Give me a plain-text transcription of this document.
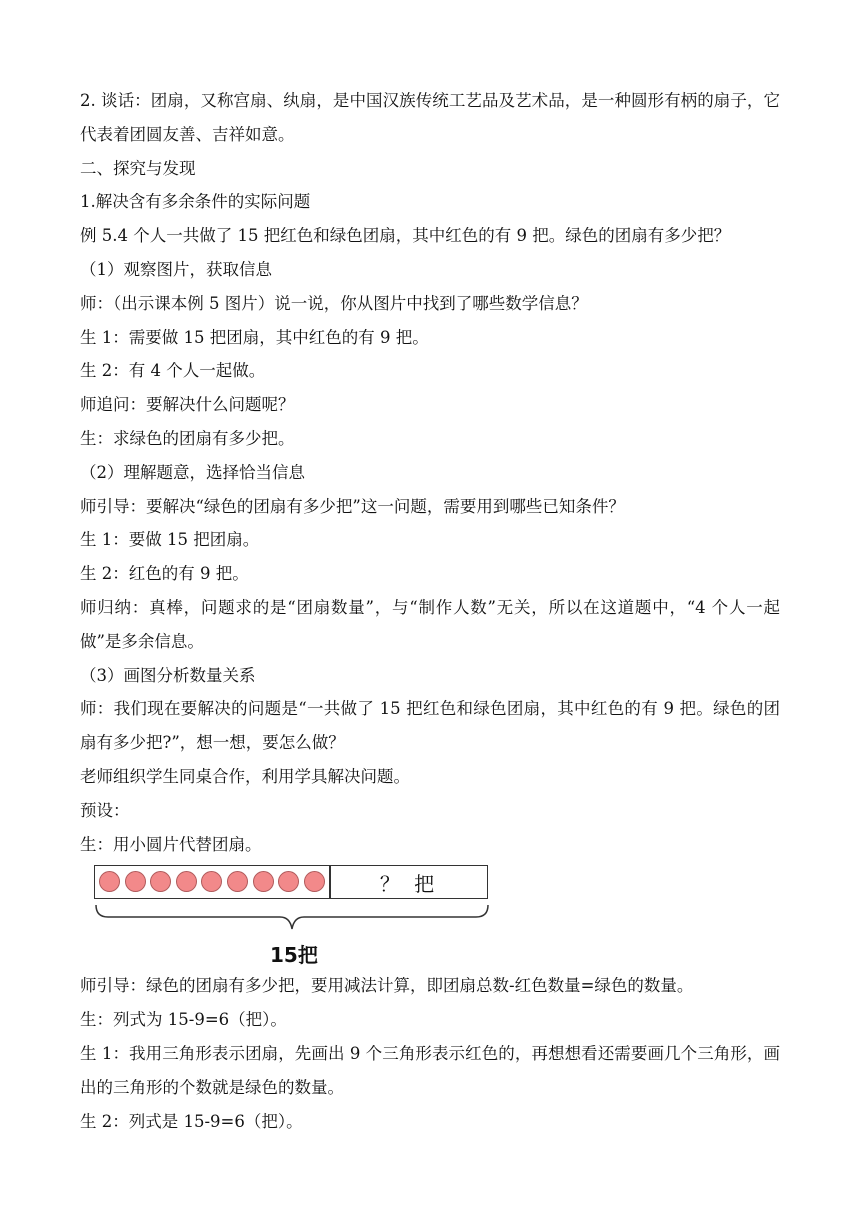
2. 谈话：团扇，又称宫扇、纨扇，是中国汉族传统工艺品及艺术品，是一种圆形有柄的扇子，它代表着团圆友善、吉祥如意。

二、探究与发现

1.解决含有多余条件的实际问题

例 5.4 个人一共做了 15 把红色和绿色团扇，其中红色的有 9 把。绿色的团扇有多少把？

（1）观察图片，获取信息

师：（出示课本例 5 图片）说一说，你从图片中找到了哪些数学信息？

生 1：需要做 15 把团扇，其中红色的有 9 把。

生 2：有 4 个人一起做。

师追问：要解决什么问题呢？

生：求绿色的团扇有多少把。

（2）理解题意，选择恰当信息

师引导：要解决“绿色的团扇有多少把”这一问题，需要用到哪些已知条件？

生 1：要做 15 把团扇。

生 2：红色的有 9 把。

师归纳：真棒，问题求的是“团扇数量”，与“制作人数”无关，所以在这道题中，“4 个人一起做”是多余信息。

（3）画图分析数量关系

师：我们现在要解决的问题是“一共做了 15 把红色和绿色团扇，其中红色的有 9 把。绿色的团扇有多少把?”，想一想，要怎么做？

老师组织学生同桌合作，利用学具解决问题。

预设：

生：用小圆片代替团扇。

？ 把
15把

师引导：绿色的团扇有多少把，要用减法计算，即团扇总数-红色数量=绿色的数量。

生：列式为 15-9=6（把）。

生 1：我用三角形表示团扇，先画出 9 个三角形表示红色的，再想想看还需要画几个三角形，画出的三角形的个数就是绿色的数量。

生 2：列式是 15-9=6（把）。
